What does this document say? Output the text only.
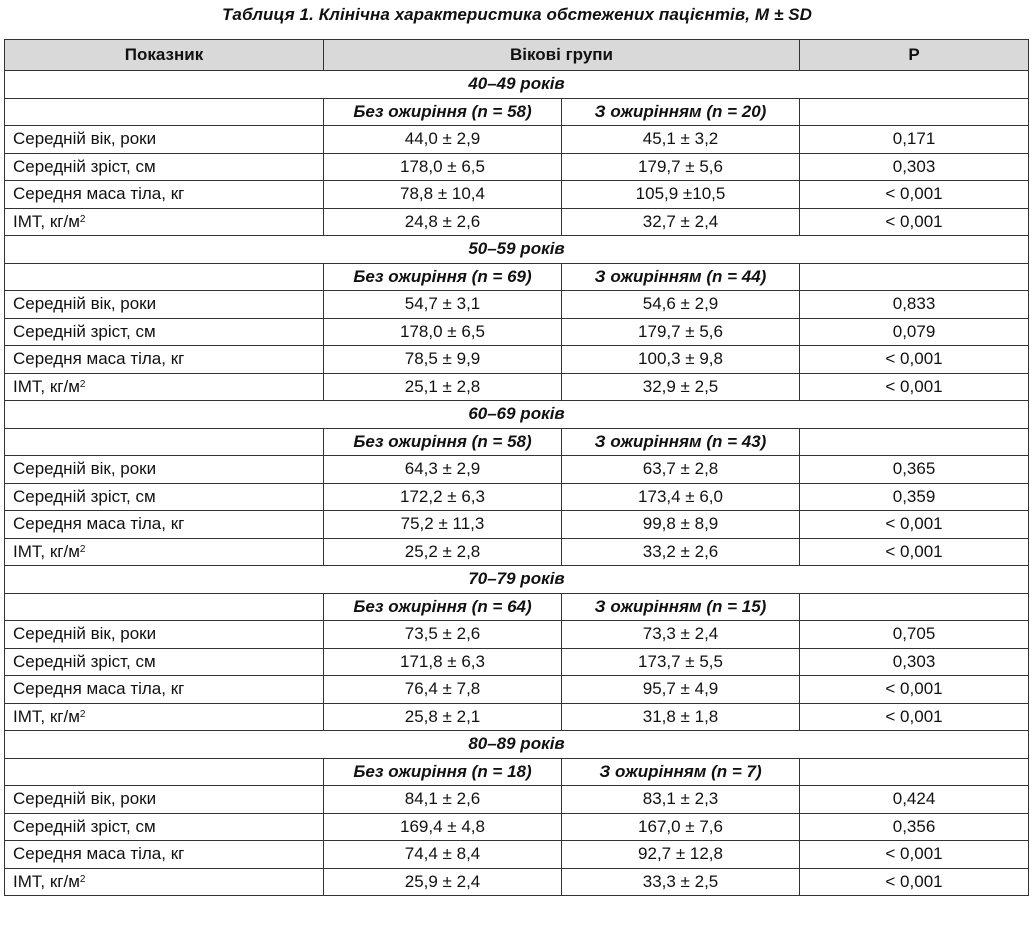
Таблиця 1. Клінічна характеристика обстежених пацієнтів, M ± SD
Показник	Вікові групи		P
40–49 років			
	Без ожиріння (n = 58)	З ожирінням (n = 20)	
Середній вік, роки	44,0 ± 2,9	45,1 ± 3,2	0,171
Середній зріст, см	178,0 ± 6,5	179,7 ± 5,6	0,303
Середня маса тіла, кг	78,8 ± 10,4	105,9 ±10,5	< 0,001
ІМТ, $кг/м^2$	24,8 ± 2,6	32,7 ± 2,4	< 0,001
50–59 років			
	Без ожиріння (n = 69)	З ожирінням (n = 44)	
Середній вік, роки	54,7 ± 3,1	54,6 ± 2,9	0,833
Середній зріст, см	178,0 ± 6,5	179,7 ± 5,6	0,079
Середня маса тіла, кг	78,5 ± 9,9	100,3 ± 9,8	< 0,001
ІМТ, $кг/м^2$	25,1 ± 2,8	32,9 ± 2,5	< 0,001
60–69 років			
	Без ожиріння (n = 58)	З ожирінням (n = 43)	
Середній вік, роки	64,3 ± 2,9	63,7 ± 2,8	0,365
Середній зріст, см	172,2 ± 6,3	173,4 ± 6,0	0,359
Середня маса тіла, кг	75,2 ± 11,3	99,8 ± 8,9	< 0,001
ІМТ, $кг/м^2$	25,2 ± 2,8	33,2 ± 2,6	< 0,001
70–79 років			
	Без ожиріння (n = 64)	З ожирінням (n = 15)	
Середній вік, роки	73,5 ± 2,6	73,3 ± 2,4	0,705
Середній зріст, см	171,8 ± 6,3	173,7 ± 5,5	0,303
Середня маса тіла, кг	76,4 ± 7,8	95,7 ± 4,9	< 0,001
ІМТ, $кг/м^2$	25,8 ± 2,1	31,8 ± 1,8	< 0,001
80–89 років			
	Без ожиріння (n = 18)	З ожирінням (n = 7)	
Середній вік, роки	84,1 ± 2,6	83,1 ± 2,3	0,424
Середній зріст, см	169,4 ± 4,8	167,0 ± 7,6	0,356
Середня маса тіла, кг	74,4 ± 8,4	92,7 ± 12,8	< 0,001
ІМТ, $кг/м^2$	25,9 ± 2,4	33,3 ± 2,5	< 0,001
